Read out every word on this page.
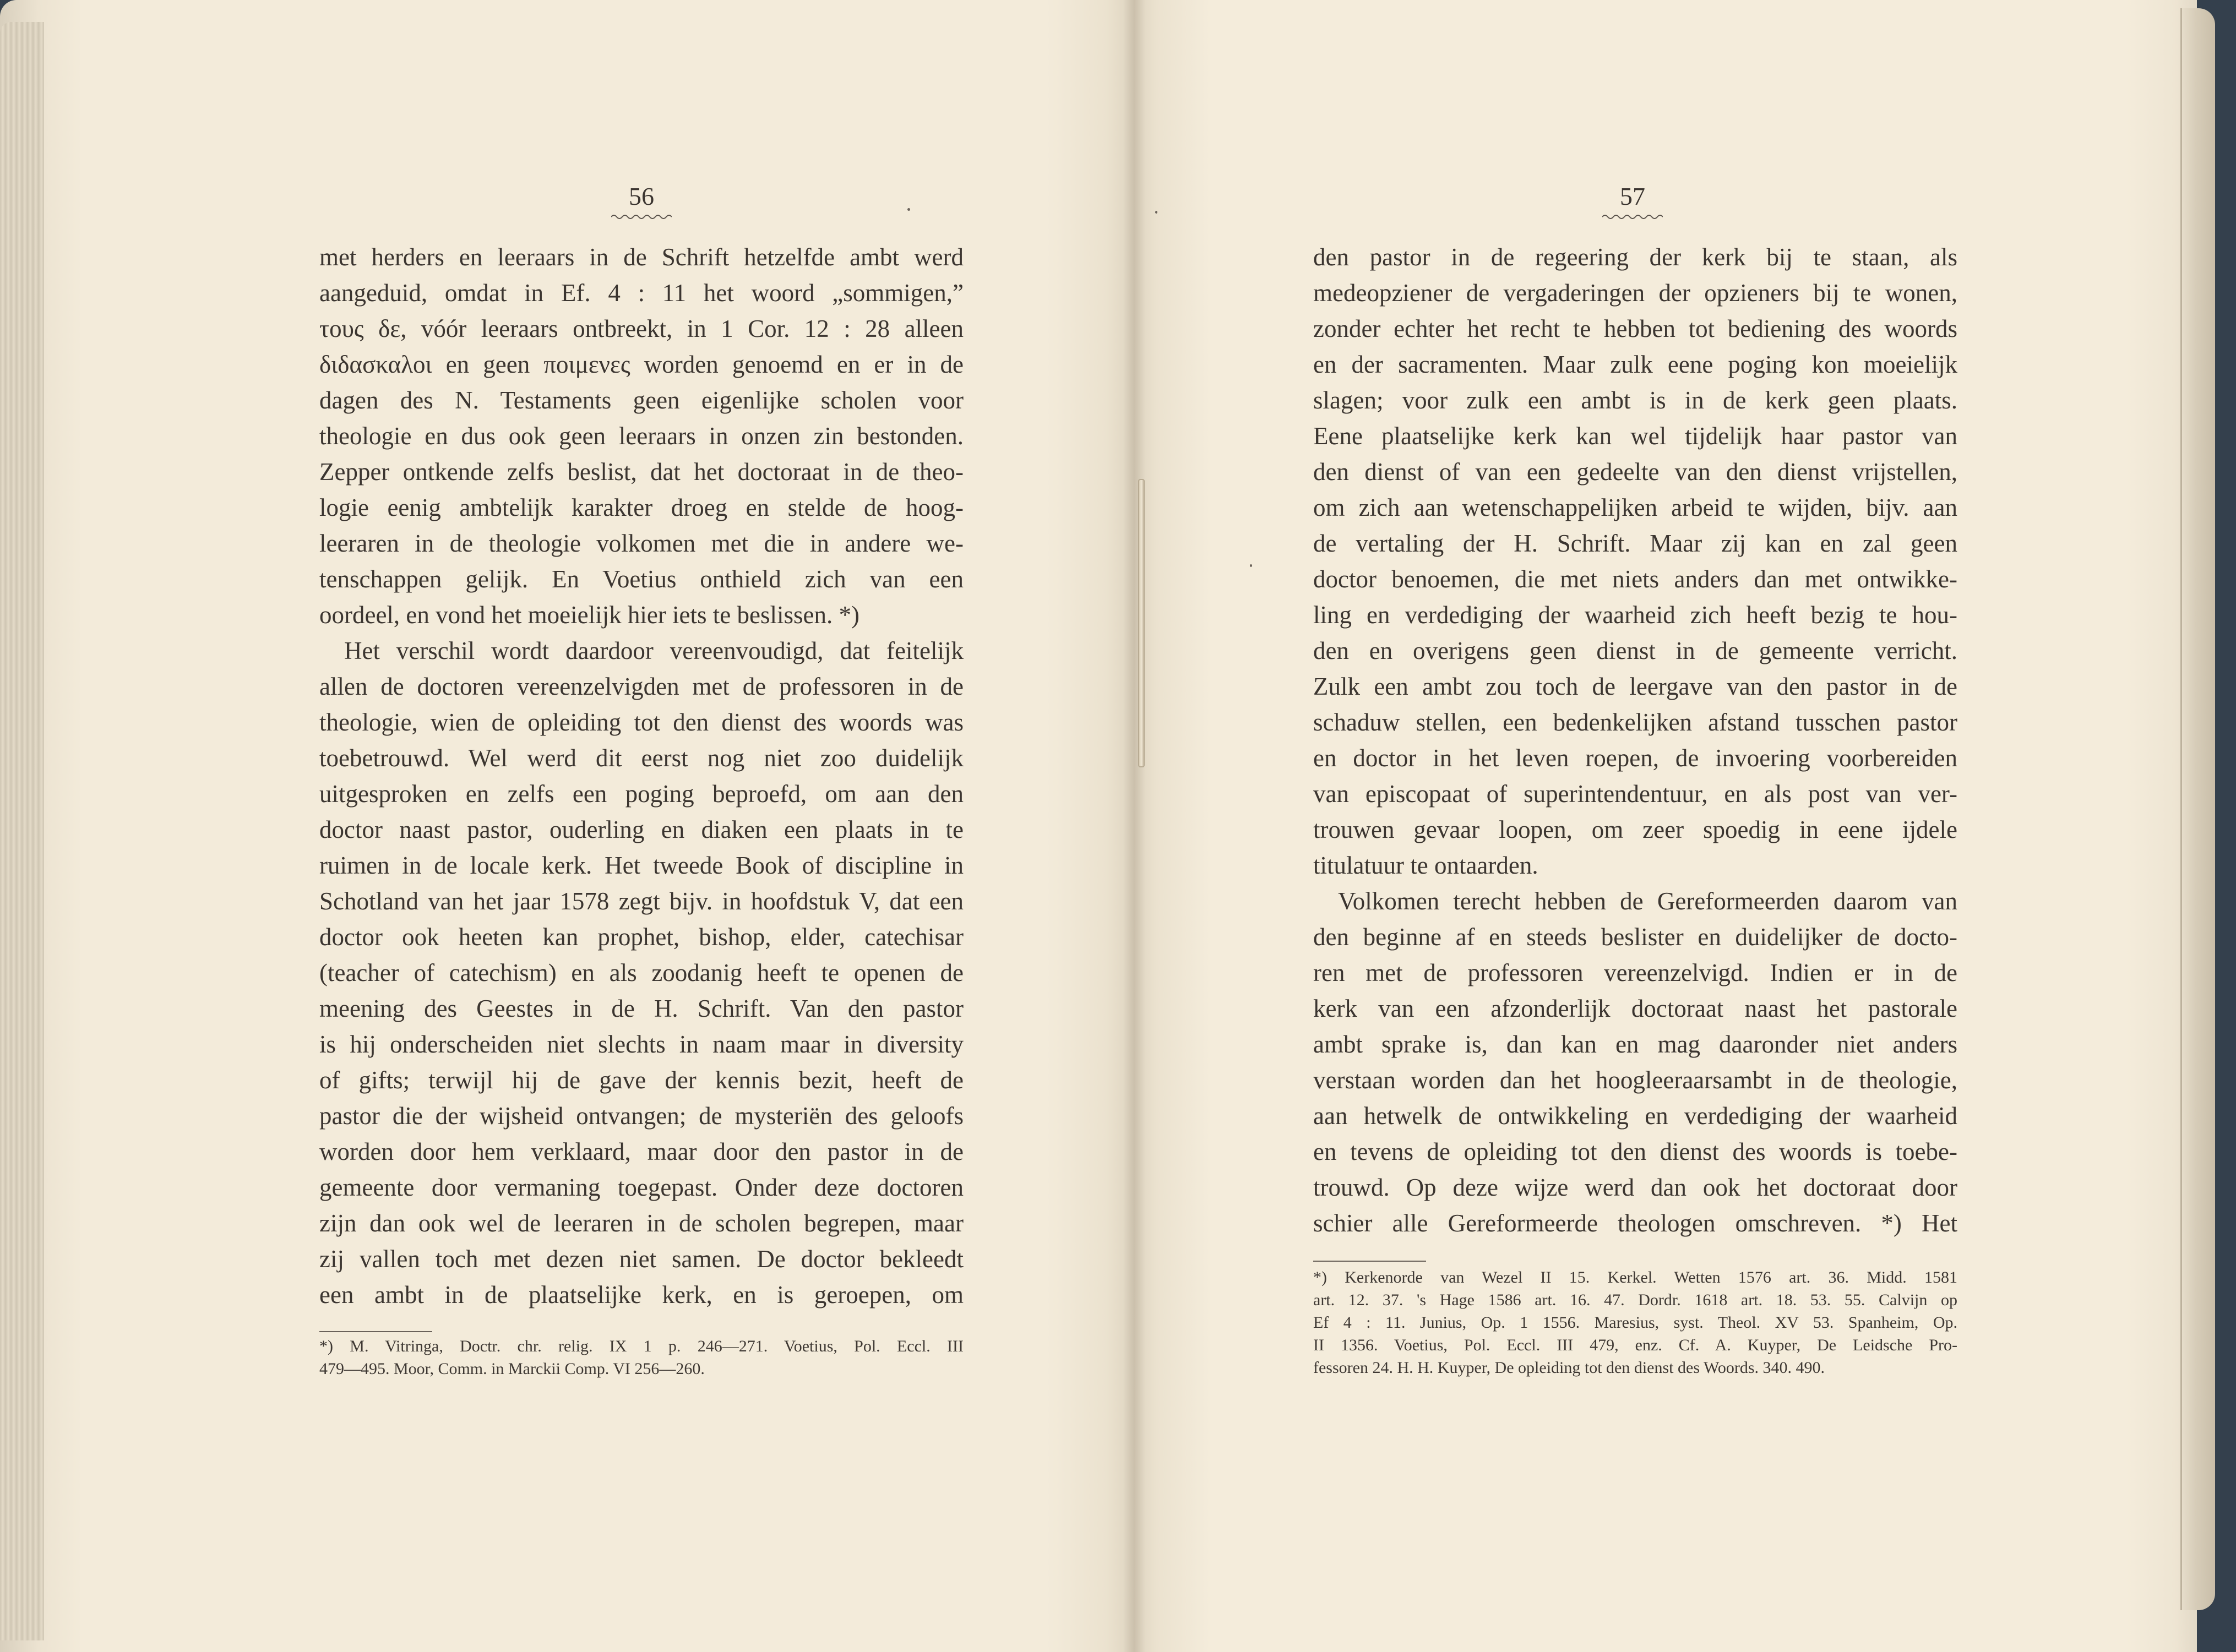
56
met herders en leeraars in de Schrift hetzelfde ambt werd
aangeduid, omdat in Ef. 4 : 11 het woord „sommigen,”
τους δε, vóór leeraars ontbreekt, in 1 Cor. 12 : 28 alleen
διδασκαλοι en geen ποιμενες worden genoemd en er in de
dagen des N. Testaments geen eigenlijke scholen voor
theologie en dus ook geen leeraars in onzen zin bestonden.
Zepper ontkende zelfs beslist, dat het doctoraat in de theo-
logie eenig ambtelijk karakter droeg en stelde de hoog-
leeraren in de theologie volkomen met die in andere we-
tenschappen gelijk. En Voetius onthield zich van een
oordeel, en vond het moeielijk hier iets te beslissen. *)
Het verschil wordt daardoor vereenvoudigd, dat feitelijk
allen de doctoren vereenzelvigden met de professoren in de
theologie, wien de opleiding tot den dienst des woords was
toebetrouwd. Wel werd dit eerst nog niet zoo duidelijk
uitgesproken en zelfs een poging beproefd, om aan den
doctor naast pastor, ouderling en diaken een plaats in te
ruimen in de locale kerk. Het tweede Book of discipline in
Schotland van het jaar 1578 zegt bijv. in hoofdstuk V, dat een
doctor ook heeten kan prophet, bishop, elder, catechisar
(teacher of catechism) en als zoodanig heeft te openen de
meening des Geestes in de H. Schrift. Van den pastor
is hij onderscheiden niet slechts in naam maar in diversity
of gifts; terwijl hij de gave der kennis bezit, heeft de
pastor die der wijsheid ontvangen; de mysteriën des geloofs
worden door hem verklaard, maar door den pastor in de
gemeente door vermaning toegepast. Onder deze doctoren
zijn dan ook wel de leeraren in de scholen begrepen, maar
zij vallen toch met dezen niet samen. De doctor bekleedt
een ambt in de plaatselijke kerk, en is geroepen, om
*) M. Vitringa, Doctr. chr. relig. IX 1 p. 246—271. Voetius, Pol. Eccl. III
479—495. Moor, Comm. in Marckii Comp. VI 256—260.
57
den pastor in de regeering der kerk bij te staan, als
medeopziener de vergaderingen der opzieners bij te wonen,
zonder echter het recht te hebben tot bediening des woords
en der sacramenten. Maar zulk eene poging kon moeielijk
slagen; voor zulk een ambt is in de kerk geen plaats.
Eene plaatselijke kerk kan wel tijdelijk haar pastor van
den dienst of van een gedeelte van den dienst vrijstellen,
om zich aan wetenschappelijken arbeid te wijden, bijv. aan
de vertaling der H. Schrift. Maar zij kan en zal geen
doctor benoemen, die met niets anders dan met ontwikke-
ling en verdediging der waarheid zich heeft bezig te hou-
den en overigens geen dienst in de gemeente verricht.
Zulk een ambt zou toch de leergave van den pastor in de
schaduw stellen, een bedenkelijken afstand tusschen pastor
en doctor in het leven roepen, de invoering voorbereiden
van episcopaat of superintendentuur, en als post van ver-
trouwen gevaar loopen, om zeer spoedig in eene ijdele
titulatuur te ontaarden.
Volkomen terecht hebben de Gereformeerden daarom van
den beginne af en steeds beslister en duidelijker de docto-
ren met de professoren vereenzelvigd. Indien er in de
kerk van een afzonderlijk doctoraat naast het pastorale
ambt sprake is, dan kan en mag daaronder niet anders
verstaan worden dan het hoogleeraarsambt in de theologie,
aan hetwelk de ontwikkeling en verdediging der waarheid
en tevens de opleiding tot den dienst des woords is toebe-
trouwd. Op deze wijze werd dan ook het doctoraat door
schier alle Gereformeerde theologen omschreven. *) Het
*) Kerkenorde van Wezel II 15. Kerkel. Wetten 1576 art. 36. Midd. 1581
art. 12. 37. 's Hage 1586 art. 16. 47. Dordr. 1618 art. 18. 53. 55. Calvijn op
Ef 4 : 11. Junius, Op. 1 1556. Maresius, syst. Theol. XV 53. Spanheim, Op.
II 1356. Voetius, Pol. Eccl. III 479, enz. Cf. A. Kuyper, De Leidsche Pro-
fessoren 24. H. H. Kuyper, De opleiding tot den dienst des Woords. 340. 490.
